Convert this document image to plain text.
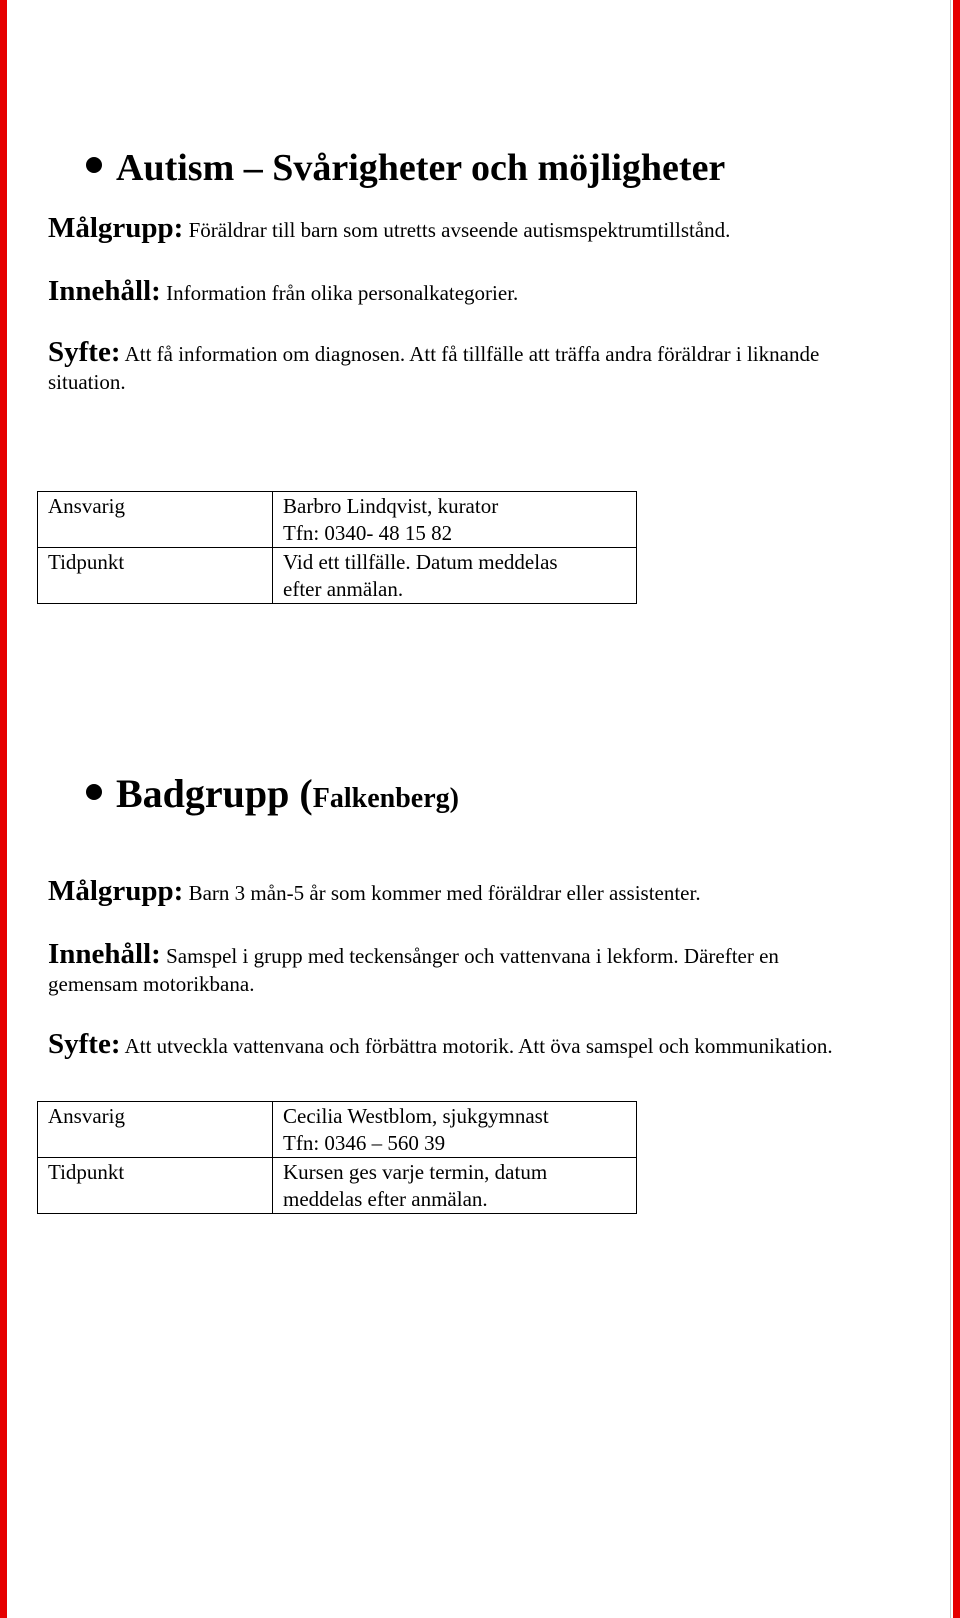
Autism – Svårigheter och möjligheter
Målgrupp: Föräldrar till barn som utretts avseende autismspektrumtillstånd.
Innehåll: Information från olika personalkategorier.
Syfte: Att få information om diagnosen. Att få tillfälle att träffa andra föräldrar i liknande
situation.
Ansvarig	Barbro Lindqvist, kurator
Tfn: 0340- 48 15 82

Tidpunkt	Vid ett tillfälle. Datum meddelas
efter anmälan.
Badgrupp (Falkenberg)
Målgrupp: Barn 3 mån-5 år som kommer med föräldrar eller assistenter.
Innehåll: Samspel i grupp med teckensånger och vattenvana i lekform. Därefter en
gemensam motorikbana.
Syfte: Att utveckla vattenvana och förbättra motorik. Att öva samspel och kommunikation.
Ansvarig	Cecilia Westblom, sjukgymnast
Tfn: 0346 – 560 39

Tidpunkt	Kursen ges varje termin, datum
meddelas efter anmälan.
